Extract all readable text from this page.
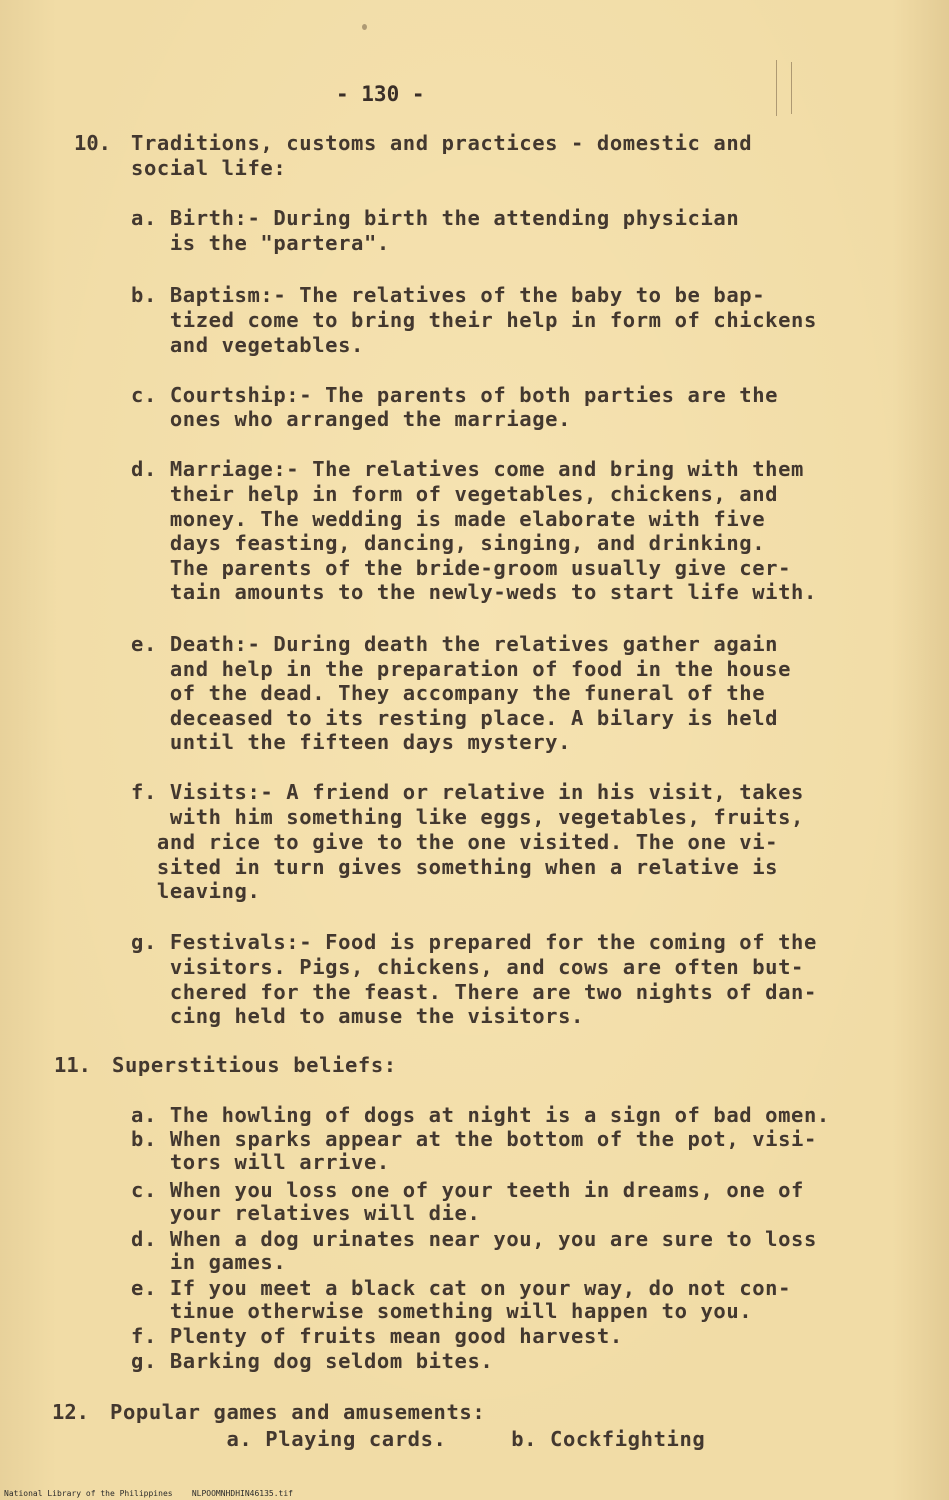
- 130 -
10. Traditions, customs and practices - domestic and
social life:
a. Birth:- During birth the attending physician
is the "partera".
b. Baptism:- The relatives of the baby to be bap-
tized come to bring their help in form of chickens
and vegetables.
c. Courtship:- The parents of both parties are the
ones who arranged the marriage.
d. Marriage:- The relatives come and bring with them
their help in form of vegetables, chickens, and
money. The wedding is made elaborate with five
days feasting, dancing, singing, and drinking.
The parents of the bride-groom usually give cer-
tain amounts to the newly-weds to start life with.
e. Death:- During death the relatives gather again
and help in the preparation of food in the house
of the dead. They accompany the funeral of the
deceased to its resting place. A bilary is held
until the fifteen days mystery.
f. Visits:- A friend or relative in his visit, takes
with him something like eggs, vegetables, fruits,
and rice to give to the one visited. The one vi-
sited in turn gives something when a relative is
leaving.
g. Festivals:- Food is prepared for the coming of the
visitors. Pigs, chickens, and cows are often but-
chered for the feast. There are two nights of dan-
cing held to amuse the visitors.
11. Superstitious beliefs:
a. The howling of dogs at night is a sign of bad omen.
b. When sparks appear at the bottom of the pot, visi-
tors will arrive.
c. When you loss one of your teeth in dreams, one of
your relatives will die.
d. When a dog urinates near you, you are sure to loss
in games.
e. If you meet a black cat on your way, do not con-
tinue otherwise something will happen to you.
f. Plenty of fruits mean good harvest.
g. Barking dog seldom bites.
12. Popular games and amusements:
a. Playing cards.     b. Cockfighting
National Library of the Philippines    NLPOOMNHDHIN46135.tif
